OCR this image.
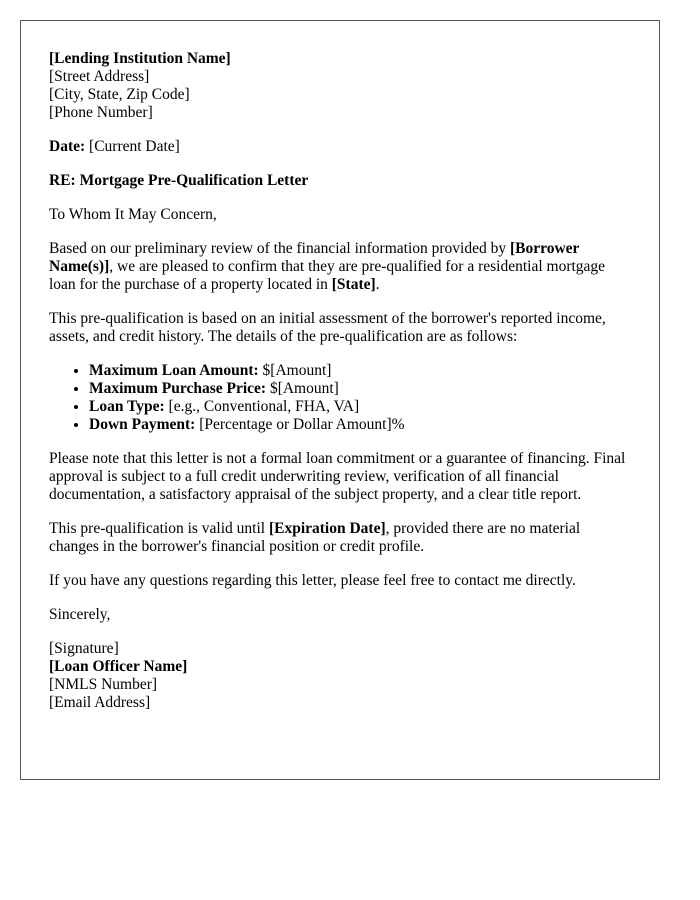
[Lending Institution Name]
[Street Address]
[City, State, Zip Code]
[Phone Number]

Date: [Current Date]

RE: Mortgage Pre-Qualification Letter

To Whom It May Concern,

Based on our preliminary review of the financial information provided by [Borrower Name(s)], we are pleased to confirm that they are pre-qualified for a residential mortgage loan for the purchase of a property located in [State].

This pre-qualification is based on an initial assessment of the borrower's reported income, assets, and credit history. The details of the pre-qualification are as follows:

• Maximum Loan Amount: $[Amount]
• Maximum Purchase Price: $[Amount]
• Loan Type: [e.g., Conventional, FHA, VA]
• Down Payment: [Percentage or Dollar Amount]%

Please note that this letter is not a formal loan commitment or a guarantee of financing. Final approval is subject to a full credit underwriting review, verification of all financial documentation, a satisfactory appraisal of the subject property, and a clear title report.

This pre-qualification is valid until [Expiration Date], provided there are no material changes in the borrower's financial position or credit profile.

If you have any questions regarding this letter, please feel free to contact me directly.

Sincerely,

[Signature]
[Loan Officer Name]
[NMLS Number]
[Email Address]
